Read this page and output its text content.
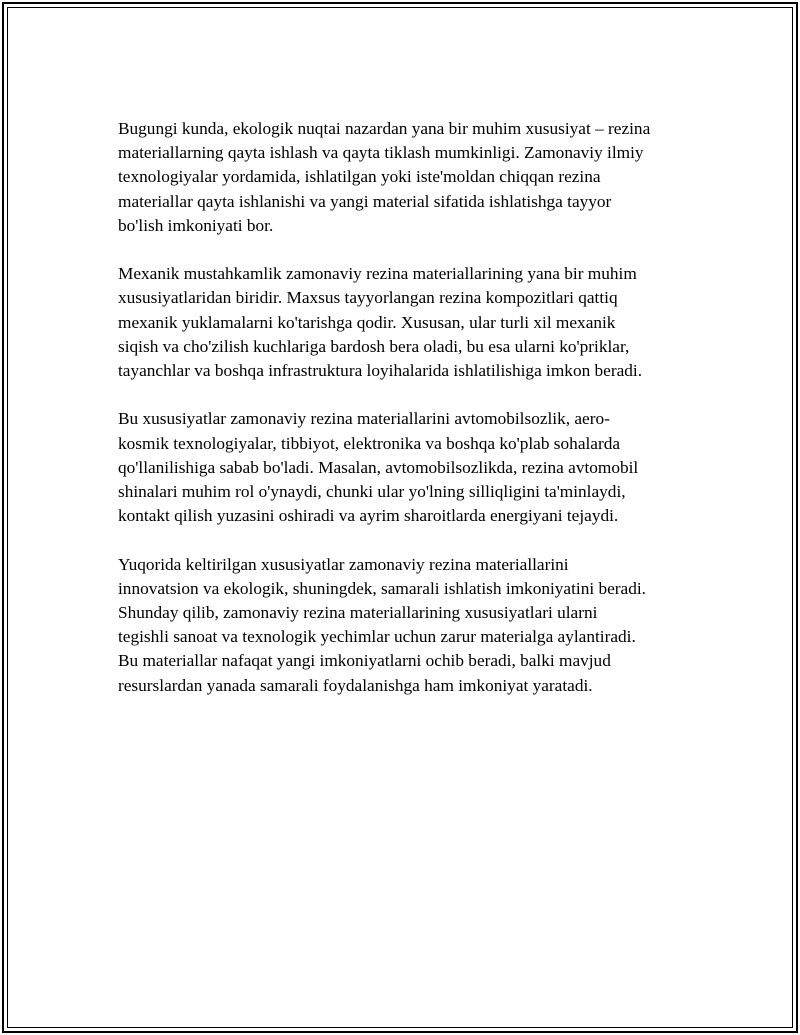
Bugungi kunda, ekologik nuqtai nazardan yana bir muhim xususiyat – rezina
materiallarning qayta ishlash va qayta tiklash mumkinligi. Zamonaviy ilmiy
texnologiyalar yordamida, ishlatilgan yoki iste'moldan chiqqan rezina
materiallar qayta ishlanishi va yangi material sifatida ishlatishga tayyor
bo'lish imkoniyati bor.

Mexanik mustahkamlik zamonaviy rezina materiallarining yana bir muhim
xususiyatlaridan biridir. Maxsus tayyorlangan rezina kompozitlari qattiq
mexanik yuklamalarni ko'tarishga qodir. Xususan, ular turli xil mexanik
siqish va cho'zilish kuchlariga bardosh bera oladi, bu esa ularni ko'priklar,
tayanchlar va boshqa infrastruktura loyihalarida ishlatilishiga imkon beradi.

Bu xususiyatlar zamonaviy rezina materiallarini avtomobilsozlik, aero-
kosmik texnologiyalar, tibbiyot, elektronika va boshqa ko'plab sohalarda
qo'llanilishiga sabab bo'ladi. Masalan, avtomobilsozlikda, rezina avtomobil
shinalari muhim rol o'ynaydi, chunki ular yo'lning silliqligini ta'minlaydi,
kontakt qilish yuzasini oshiradi va ayrim sharoitlarda energiyani tejaydi.

Yuqorida keltirilgan xususiyatlar zamonaviy rezina materiallarini
innovatsion va ekologik, shuningdek, samarali ishlatish imkoniyatini beradi.
Shunday qilib, zamonaviy rezina materiallarining xususiyatlari ularni
tegishli sanoat va texnologik yechimlar uchun zarur materialga aylantiradi.
Bu materiallar nafaqat yangi imkoniyatlarni ochib beradi, balki mavjud
resurslardan yanada samarali foydalanishga ham imkoniyat yaratadi.
